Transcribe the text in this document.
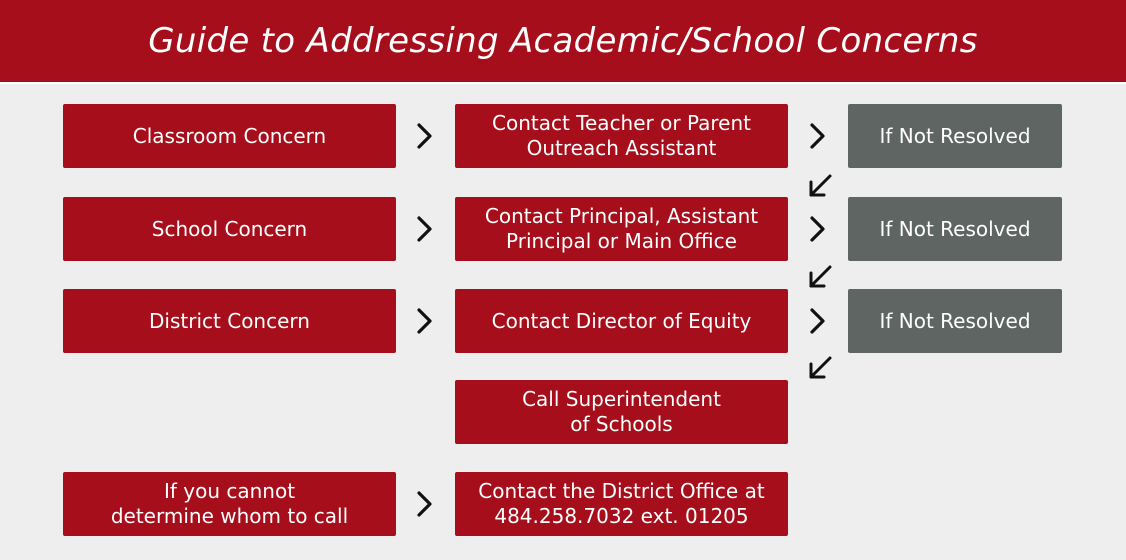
Guide to Addressing Academic/School Concerns
Classroom Concern
Contact Teacher or Parent
Outreach Assistant
If Not Resolved
School Concern
Contact Principal, Assistant
Principal or Main Office
If Not Resolved
District Concern	Contact Director of Equity	If Not Resolved
Call Superintendent
of Schools
If you cannot
determine whom to call
Contact the District Office at
484.258.7032 ext. 01205
